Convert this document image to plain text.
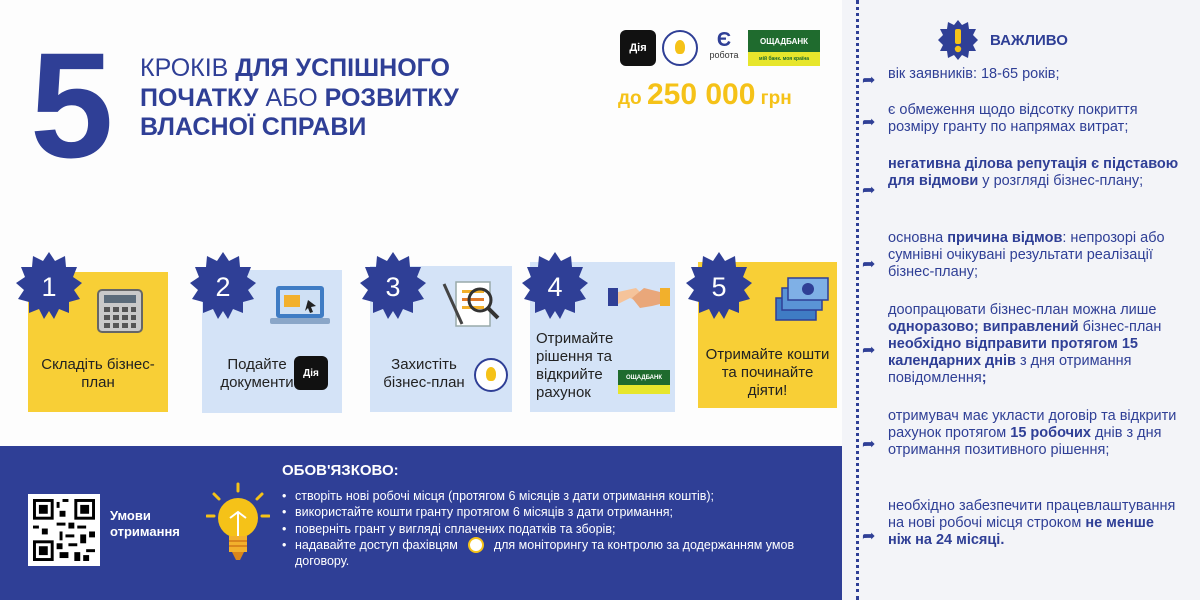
5 КРОКІВ ДЛЯ УСПІШНОГО ПОЧАТКУ АБО РОЗВИТКУ ВЛАСНОЇ СПРАВИ
Дія	Є
робота
ОЩАДБАНК
мій банк. моя країна
до 250 000 грн
Складіть бізнес-план
1
Подайте документи
Дія
2
Захистіть бізнес-план
3
Отримайте рішення та відкрийте рахунок
ОЩАДБАНК
4
Отримайте кошти та починайте діяти!
5
Умови
отримання
ОБОВ'ЯЗКОВО:
• створіть нові робочі місця (протягом 6 місяців з дати отримання коштів);
• використайте кошти гранту протягом 6 місяців з дати отримання;
• поверніть грант у вигляді сплачених податків та зборів;
• надавайте доступ фахівцям	для моніторингу та контролю за додержанням умов договору.
ВАЖЛИВО
➦ вік заявників: 18-65 років;
➦
є обмеження щодо відсотку покриття розміру гранту по напрямах витрат;
➦
негативна ділова репутація є підставою для відмови у розгляді бізнес-плану;
➦
основна причина відмов: непрозорі або сумнівні очікувані результати реалізації бізнес-плану;
➦
доопрацювати бізнес-план можна лише одноразово; виправлений бізнес-план необхідно відправити протягом 15 календарних днів з дня отримання повідомлення;
➦
отримувач має укласти договір та відкрити рахунок протягом 15 робочих днів з дня отримання позитивного рішення;
➦
необхідно забезпечити працевлаштування на нові робочі місця строком не менше ніж на 24 місяці.
